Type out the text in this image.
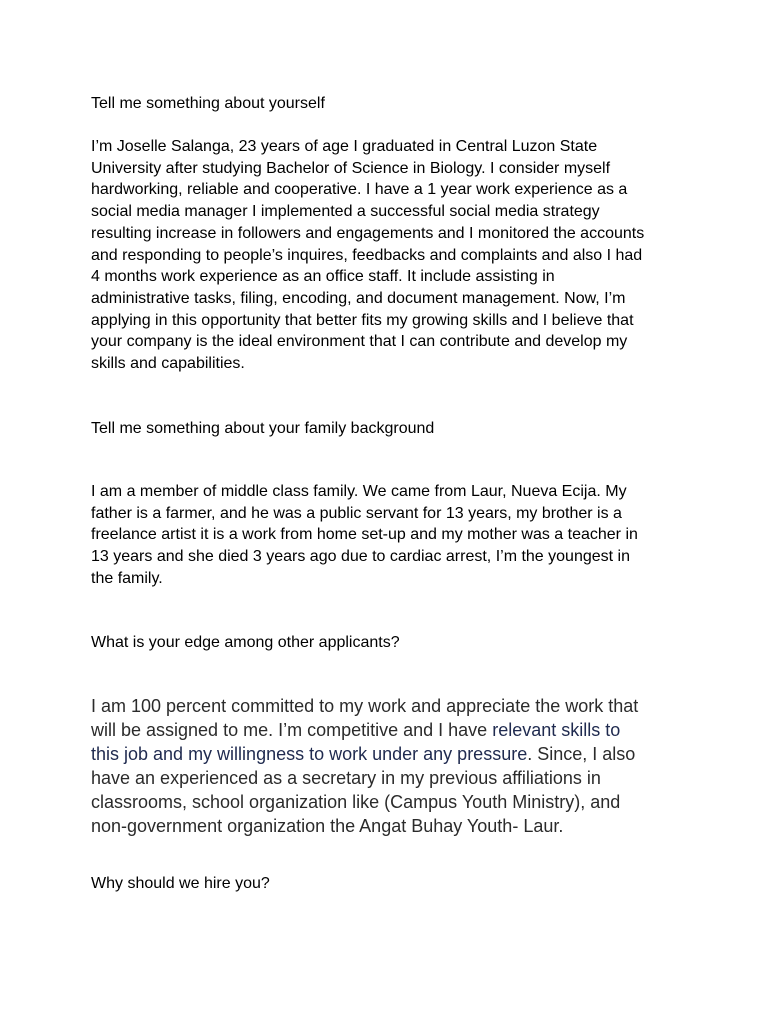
Tell me something about yourself

I’m Joselle Salanga, 23 years of age I graduated in Central Luzon State
University after studying Bachelor of Science in Biology. I consider myself
hardworking, reliable and cooperative. I have a 1 year work experience as a
social media manager I implemented a successful social media strategy
resulting increase in followers and engagements and I monitored the accounts
and responding to people’s inquires, feedbacks and complaints and also I had
4 months work experience as an office staff. It include assisting in
administrative tasks, filing, encoding, and document management. Now, I’m
applying in this opportunity that better fits my growing skills and I believe that
your company is the ideal environment that I can contribute and develop my
skills and capabilities.

Tell me something about your family background

I am a member of middle class family. We came from Laur, Nueva Ecija. My
father is a farmer, and he was a public servant for 13 years, my brother is a
freelance artist it is a work from home set-up and my mother was a teacher in
13 years and she died 3 years ago due to cardiac arrest, I’m the youngest in
the family.

What is your edge among other applicants?

I am 100 percent committed to my work and appreciate the work that
will be assigned to me. I’m competitive and I have relevant skills to
this job and my willingness to work under any pressure. Since, I also
have an experienced as a secretary in my previous affiliations in
classrooms, school organization like (Campus Youth Ministry), and
non-government organization the Angat Buhay Youth- Laur.

Why should we hire you?
